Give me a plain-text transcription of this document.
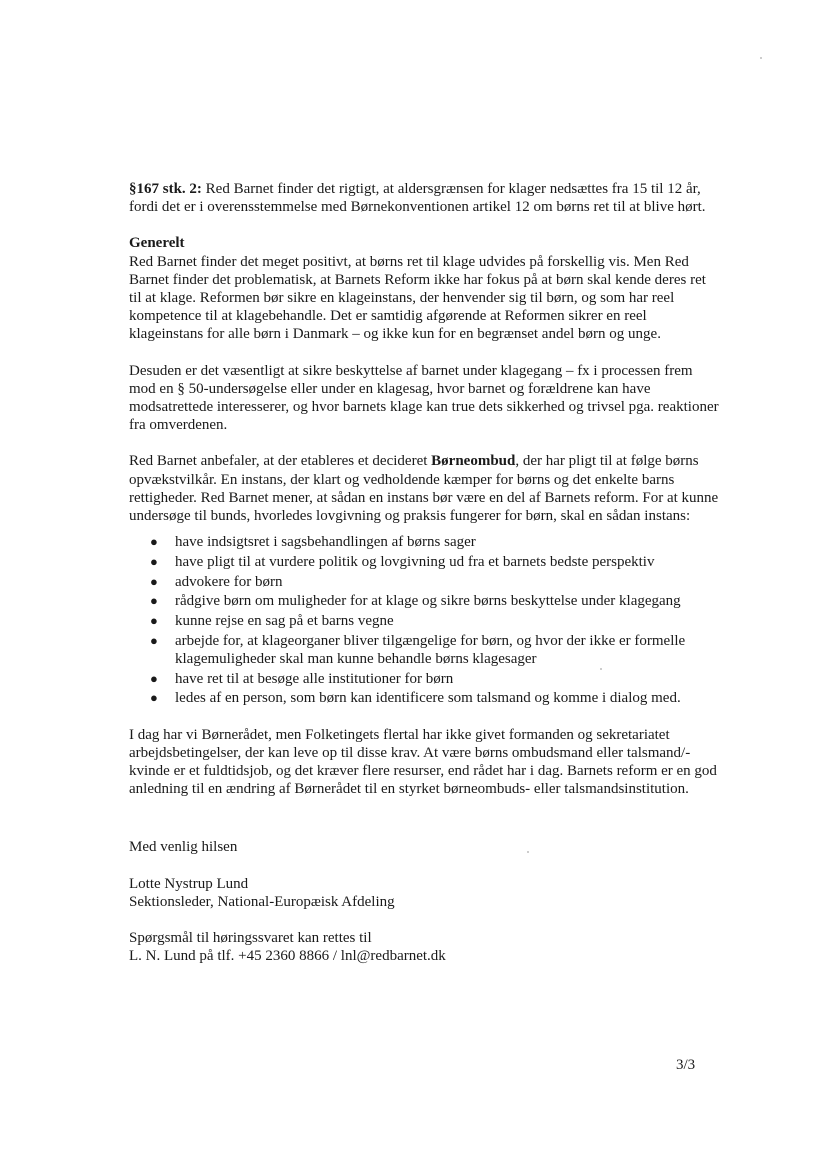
§167 stk. 2: Red Barnet finder det rigtigt, at aldersgrænsen for klager nedsættes fra 15 til 12 år, fordi det er i overensstemmelse med Børnekonventionen artikel 12 om børns ret til at blive hørt.

Generelt
Red Barnet finder det meget positivt, at børns ret til klage udvides på forskellig vis. Men Red Barnet finder det problematisk, at Barnets Reform ikke har fokus på at børn skal kende deres ret til at klage. Reformen bør sikre en klageinstans, der henvender sig til børn, og som har reel kompetence til at klagebehandle. Det er samtidig afgørende at Reformen sikrer en reel klageinstans for alle børn i Danmark – og ikke kun for en begrænset andel børn og unge.

Desuden er det væsentligt at sikre beskyttelse af barnet under klagegang – fx i processen frem mod en § 50-undersøgelse eller under en klagesag, hvor barnet og forældrene kan have modsatrettede interesserer, og hvor barnets klage kan true dets sikkerhed og trivsel pga. reaktioner fra omverdenen.

Red Barnet anbefaler, at der etableres et decideret Børneombud, der har pligt til at følge børns opvækstvilkår. En instans, der klart og vedholdende kæmper for børns og det enkelte barns rettigheder. Red Barnet mener, at sådan en instans bør være en del af Barnets reform. For at kunne undersøge til bunds, hvorledes lovgivning og praksis fungerer for børn, skal en sådan instans:

● have indsigtsret i sagsbehandlingen af børns sager
● have pligt til at vurdere politik og lovgivning ud fra et barnets bedste perspektiv
● advokere for børn
● rådgive børn om muligheder for at klage og sikre børns beskyttelse under klagegang
● kunne rejse en sag på et barns vegne
● arbejde for, at klageorganer bliver tilgængelige for børn, og hvor der ikke er formelle klagemuligheder skal man kunne behandle børns klagesager
● have ret til at besøge alle institutioner for børn
● ledes af en person, som børn kan identificere som talsmand og komme i dialog med.

I dag har vi Børnerådet, men Folketingets flertal har ikke givet formanden og sekretariatet arbejdsbetingelser, der kan leve op til disse krav. At være børns ombudsmand eller talsmand/-kvinde er et fuldtidsjob, og det kræver flere resurser, end rådet har i dag. Barnets reform er en god anledning til en ændring af Børnerådet til en styrket børneombuds- eller talsmandsinstitution.

Med venlig hilsen

Lotte Nystrup Lund
Sektionsleder, National-Europæisk Afdeling

Spørgsmål til høringssvaret kan rettes til
L. N. Lund på tlf. +45 2360 8866 / lnl@redbarnet.dk

3/3
